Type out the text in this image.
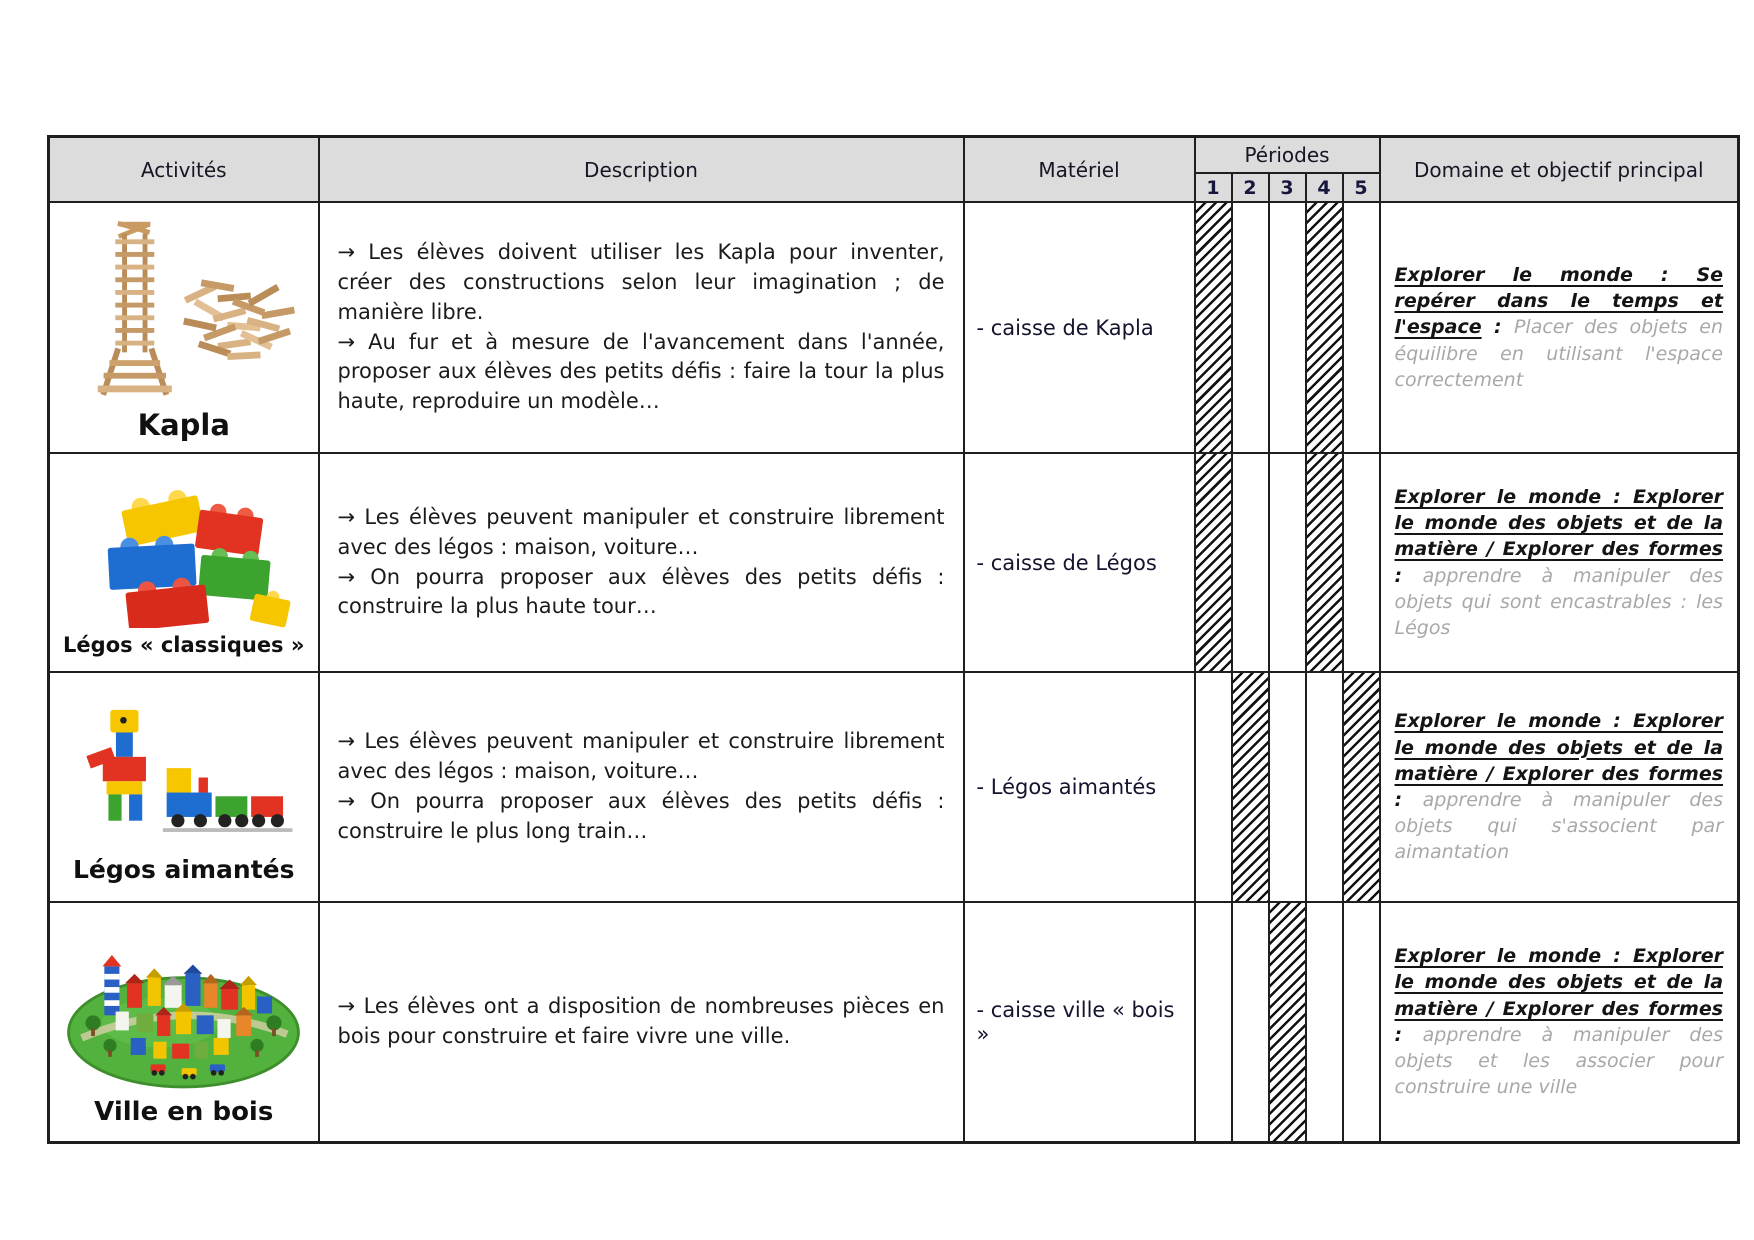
Activités	Description	Matériel	Périodes					Domaine et objectif principal
			1	2	3	4	5	

Kapla	→ Les élèves doivent utiliser les Kapla pour inventer, créer des constructions selon leur imagination ; de manière libre.
→ Au fur et à mesure de l'avancement dans l'année, proposer aux élèves des petits défis : faire la tour la plus haute, reproduire un modèle…	- caisse de Kapla						Explorer le monde : Se repérer dans le temps et l'espace : Placer des objets en équilibre en utilisant l'espace correctement

Légos « classiques »	→ Les élèves peuvent manipuler et construire librement avec des légos : maison, voiture…
→ On pourra proposer aux élèves des petits défis : construire la plus haute tour…	- caisse de Légos						Explorer le monde : Explorer le monde des objets et de la matière / Explorer des formes : apprendre à manipuler des objets qui sont encastrables : les Légos

Légos aimantés	→ Les élèves peuvent manipuler et construire librement avec des légos : maison, voiture…
→ On pourra proposer aux élèves des petits défis : construire le plus long train…	- Légos aimantés						Explorer le monde : Explorer le monde des objets et de la matière / Explorer des formes : apprendre à manipuler des objets qui s'associent par aimantation

Ville en bois	→ Les élèves ont a disposition de nombreuses pièces en bois pour construire et faire vivre une ville.	- caisse ville « bois »						Explorer le monde : Explorer le monde des objets et de la matière / Explorer des formes : apprendre à manipuler des objets et les associer pour construire une ville
